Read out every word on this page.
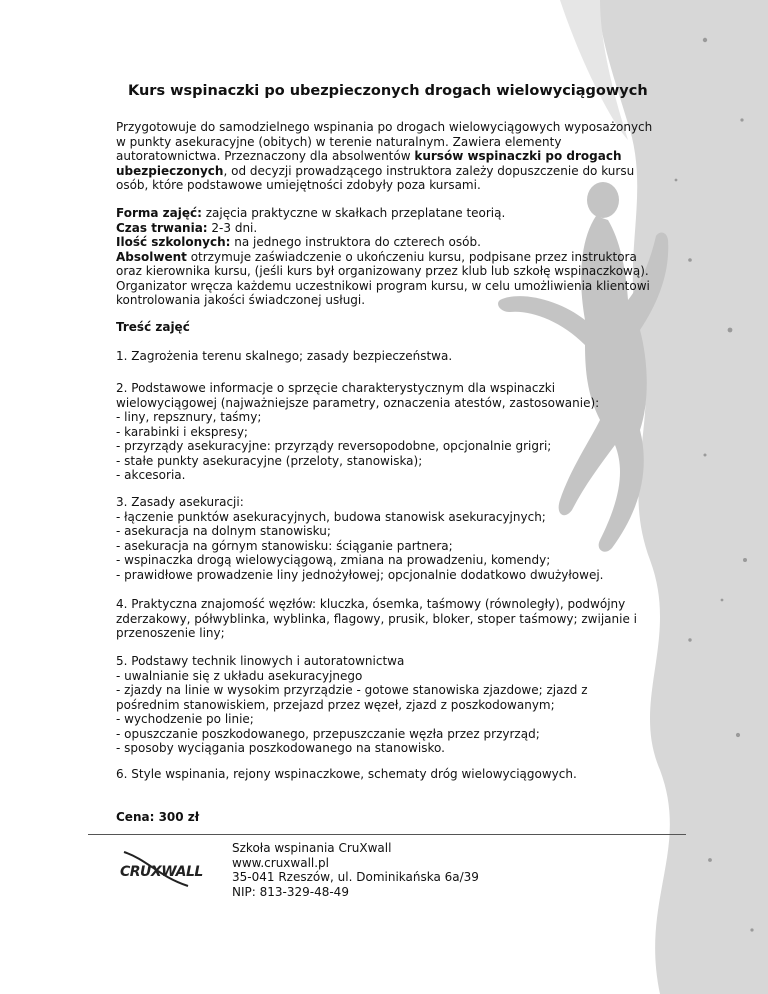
Kurs wspinaczki po ubezpieczonych drogach wielowyciągowych
Przygotowuje do samodzielnego wspinania po drogach wielowyciągowych wyposażonych
w punkty asekuracyjne (obitych) w terenie naturalnym. Zawiera elementy
autoratownictwa. Przeznaczony dla absolwentów kursów wspinaczki po drogach
ubezpieczonych, od decyzji prowadzącego instruktora zależy dopuszczenie do kursu
osób, które podstawowe umiejętności zdobyły poza kursami.
Forma zajęć: zajęcia praktyczne w skałkach przeplatane teorią.
Czas trwania: 2-3 dni.
Ilość szkolonych: na jednego instruktora do czterech osób.
Absolwent otrzymuje zaświadczenie o ukończeniu kursu, podpisane przez instruktora
oraz kierownika kursu, (jeśli kurs był organizowany przez klub lub szkołę wspinaczkową).
Organizator wręcza każdemu uczestnikowi program kursu, w celu umożliwienia klientowi
kontrolowania jakości świadczonej usługi.
Treść zajęć
1. Zagrożenia terenu skalnego; zasady bezpieczeństwa.
2. Podstawowe informacje o sprzęcie charakterystycznym dla wspinaczki
wielowyciągowej (najważniejsze parametry, oznaczenia atestów, zastosowanie):
- liny, repsznury, taśmy;
- karabinki i ekspresy;
- przyrządy asekuracyjne: przyrządy reversopodobne, opcjonalnie grigri;
- stałe punkty asekuracyjne (przeloty, stanowiska);
- akcesoria.
3. Zasady asekuracji:
- łączenie punktów asekuracyjnych, budowa stanowisk asekuracyjnych;
- asekuracja na dolnym stanowisku;
- asekuracja na górnym stanowisku: ściąganie partnera;
- wspinaczka drogą wielowyciągową, zmiana na prowadzeniu, komendy;
- prawidłowe prowadzenie liny jednożyłowej; opcjonalnie dodatkowo dwużyłowej.
4. Praktyczna znajomość węzłów: kluczka, ósemka, taśmowy (równoległy), podwójny
zderzakowy, półwyblinka, wyblinka, flagowy, prusik, bloker, stoper taśmowy; zwijanie i
przenoszenie liny;
5. Podstawy technik linowych i autoratownictwa
- uwalnianie się z układu asekuracyjnego
- zjazdy na linie w wysokim przyrządzie - gotowe stanowiska zjazdowe; zjazd z
pośrednim stanowiskiem, przejazd przez węzeł, zjazd z poszkodowanym;
- wychodzenie po linie;
- opuszczanie poszkodowanego, przepuszczanie węzła przez przyrząd;
- sposoby wyciągania poszkodowanego na stanowisko.
6. Style wspinania, rejony wspinaczkowe, schematy dróg wielowyciągowych.
Cena: 300 zł
CRUXWALL
Szkoła wspinania CruXwall
www.cruxwall.pl
35-041 Rzeszów, ul. Dominikańska 6a/39
NIP: 813-329-48-49
